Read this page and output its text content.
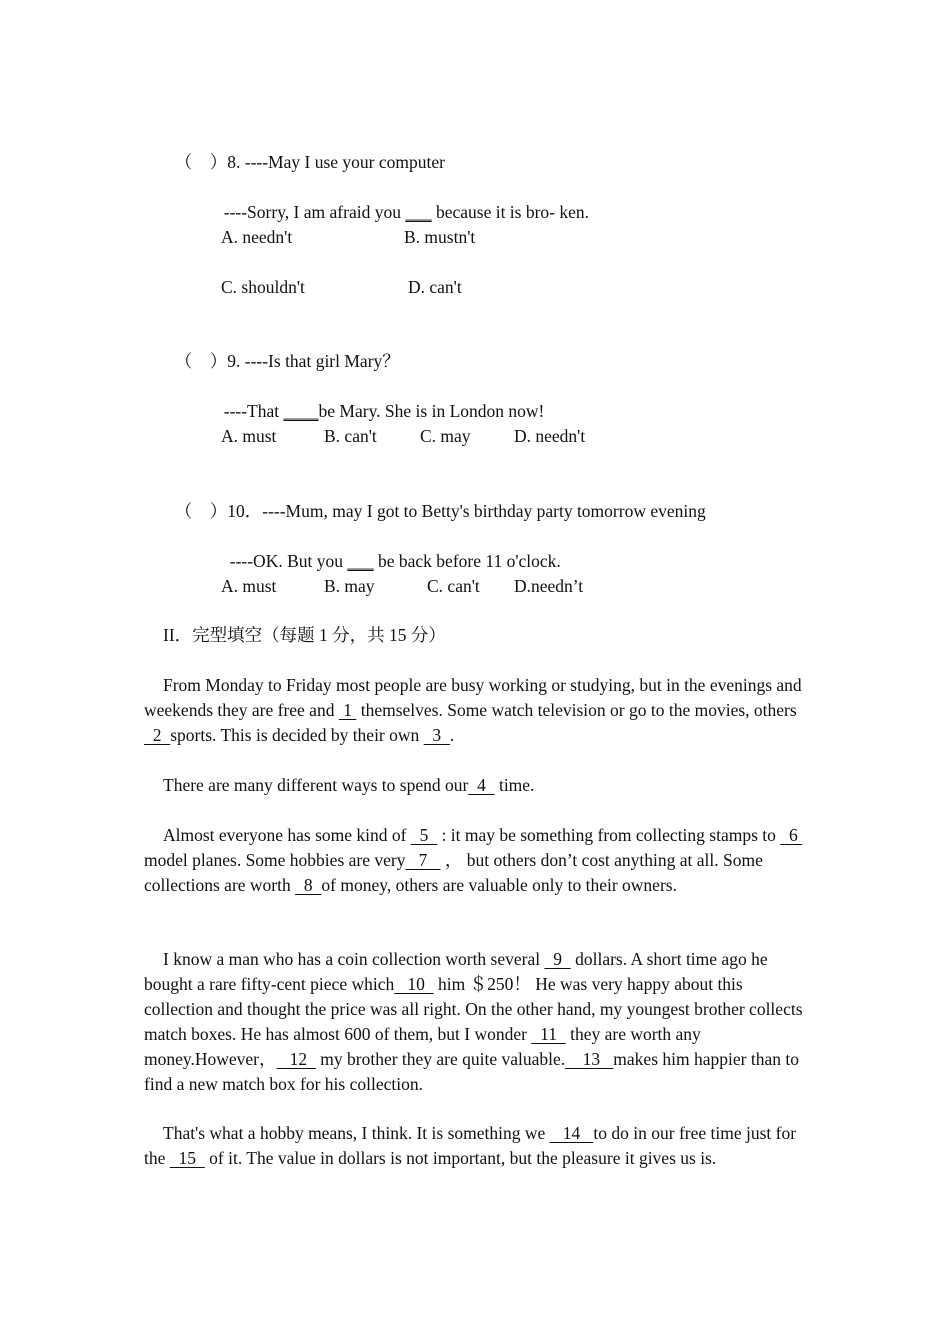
（　）8. ----May I use your computer

----Sorry, I am afraid you ___ because it is bro- ken.

A. needn't	B. mustn't
C. shouldn't	D. can't

（　）9. ----Is that girl Mary？

----That ____be Mary. She is in London now!

A. must	B. can't C. may D. needn't

（　）10．----Mum, may I got to Betty's birthday party tomorrow evening

----OK. But you ___ be back before 11 o'clock.

A. must	B. may	C. can't D.needn’t
II．完型填空（每题 1 分，共 15 分）
From Monday to Friday most people are busy working or studying, but in the evenings and weekends they are free and  1  themselves. Some watch television or go to the movies, others   2  sports. This is decided by their own   3  .
There are many different ways to spend our  4   time.
Almost everyone has some kind of   5   : it may be something from collecting stamps to   6  model planes. Some hobbies are very   7    ， but others don’t cost anything at all. Some collections are worth   8  of money, others are valuable only to their owners.
I know a man who has a coin collection worth several   9   dollars. A short time ago he bought a rare fifty-cent piece which   10   him ＄250！ He was very happy about this collection and thought the price was all right. On the other hand, my youngest brother collects match boxes. He has almost 600 of them, but I wonder   11   they are worth any money.However，   12   my brother they are quite valuable.    13   makes him happier than to find a new match box for his collection.
That's what a hobby means, I think. It is something we    14   to do in our free time just for the   15   of it. The value in dollars is not important, but the pleasure it gives us is.
